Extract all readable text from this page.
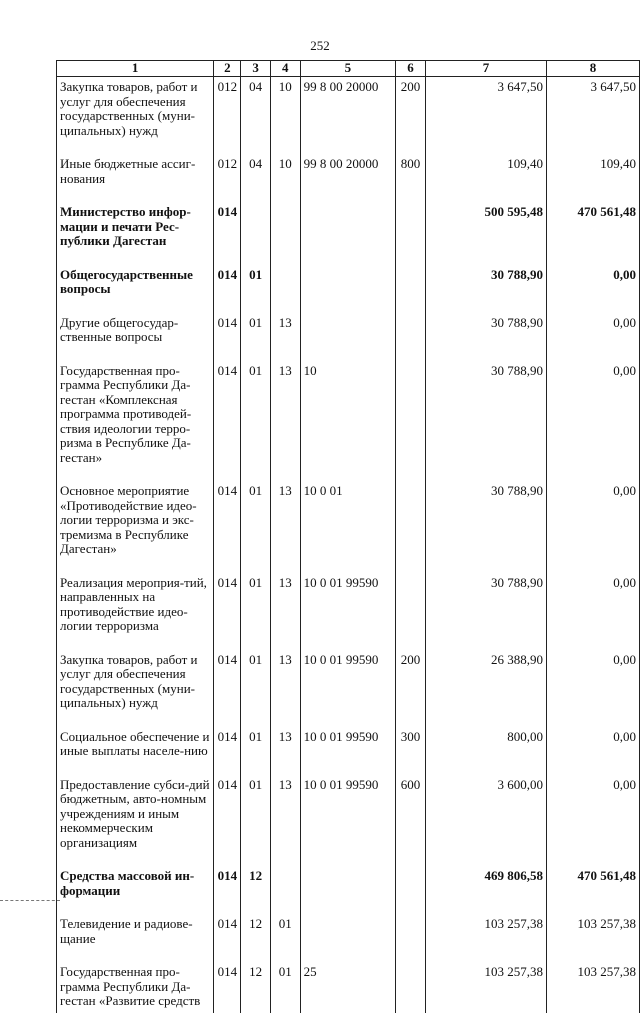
252
1	2	3	4	5	6	7	8
Закупка товаров, работ и услуг для обеспечения государственных (муни-ципальных) нужд	012	04	10	99 8 00 20000	200	3 647,50	3 647,50
Иные бюджетные ассиг-нования	012	04	10	99 8 00 20000	800	109,40	109,40
Министерство инфор-мации и печати Рес-публики Дагестан	014					500 595,48	470 561,48
Общегосударственные вопросы	014	01				30 788,90	0,00
Другие общегосудар-ственные вопросы	014	01	13			30 788,90	0,00
Государственная про-грамма Республики Да-гестан «Комплексная программа противодей-ствия идеологии терро-ризма в Республике Да-гестан»	014	01	13	10		30 788,90	0,00
Основное мероприятие «Противодействие идео-логии терроризма и экс-тремизма в Республике Дагестан»	014	01	13	10 0 01		30 788,90	0,00
Реализация мероприя-тий, направленных на противодействие идео-логии терроризма	014	01	13	10 0 01 99590		30 788,90	0,00
Закупка товаров, работ и услуг для обеспечения государственных (муни-ципальных) нужд	014	01	13	10 0 01 99590	200	26 388,90	0,00
Социальное обеспечение и иные выплаты населе-нию	014	01	13	10 0 01 99590	300	800,00	0,00
Предоставление субси-дий бюджетным, авто-номным учреждениям и иным некоммерческим организациям	014	01	13	10 0 01 99590	600	3 600,00	0,00
Средства массовой ин-формации	014	12				469 806,58	470 561,48
Телевидение и радиове-щание	014	12	01			103 257,38	103 257,38
Государственная про-грамма Республики Да-гестан «Развитие средств	014	12	01	25		103 257,38	103 257,38
